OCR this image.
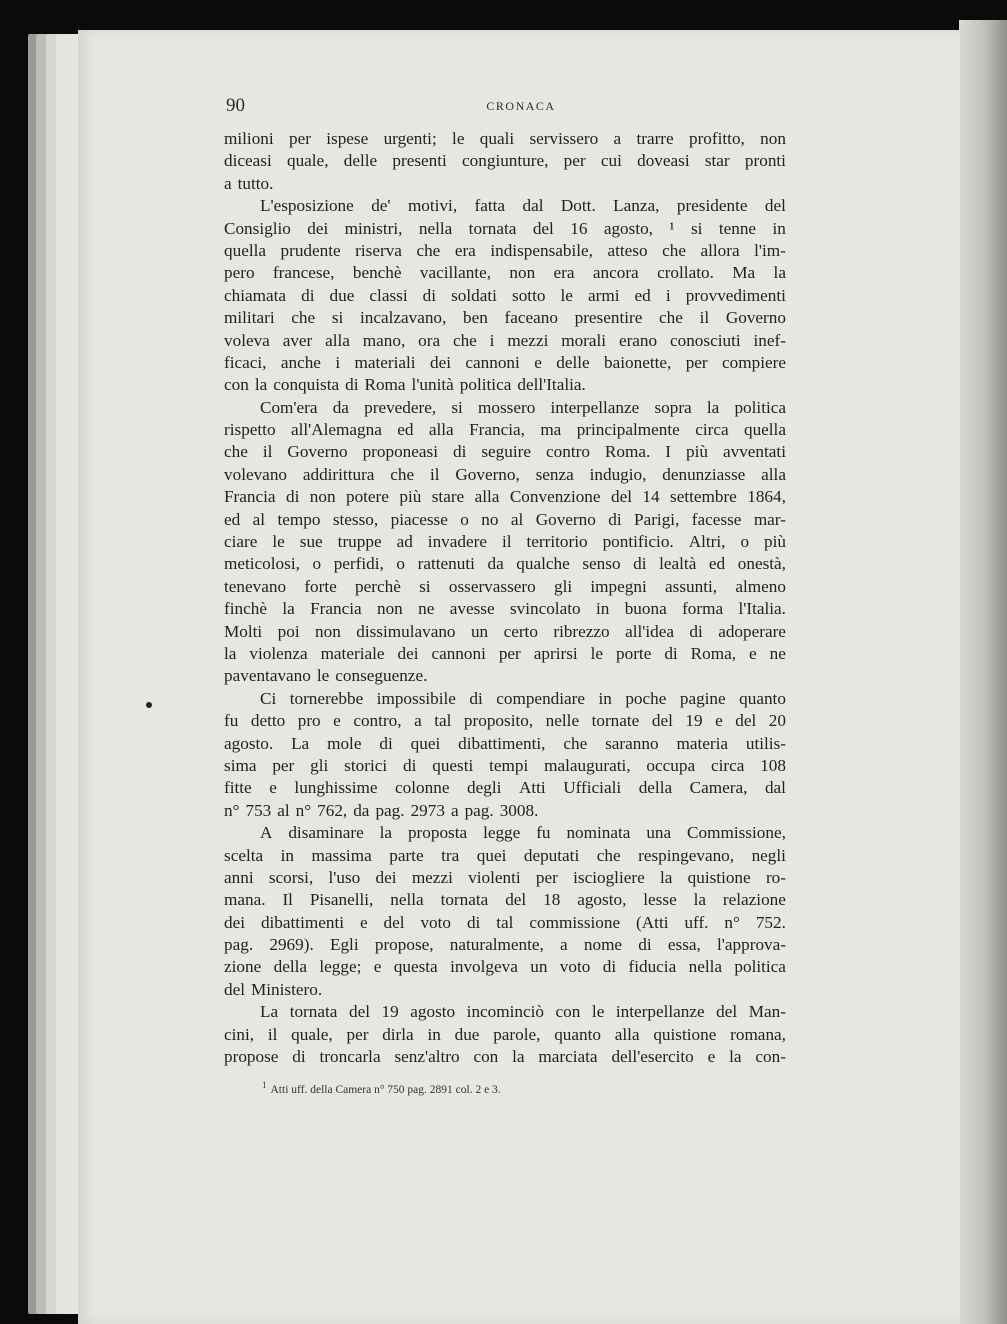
90	CRONACA
milioni per ispese urgenti; le quali servissero a trarre profitto, non
diceasi quale, delle presenti congiunture, per cui doveasi star pronti
a tutto.
L'esposizione de' motivi, fatta dal Dott. Lanza, presidente del
Consiglio dei ministri, nella tornata del 16 agosto, ¹ si tenne in
quella prudente riserva che era indispensabile, atteso che allora l'im-
pero francese, benchè vacillante, non era ancora crollato. Ma la
chiamata di due classi di soldati sotto le armi ed i provvedimenti
militari che si incalzavano, ben faceano presentire che il Governo
voleva aver alla mano, ora che i mezzi morali erano conosciuti inef-
ficaci, anche i materiali dei cannoni e delle baionette, per compiere
con la conquista di Roma l'unità politica dell'Italia.
Com'era da prevedere, si mossero interpellanze sopra la politica
rispetto all'Alemagna ed alla Francia, ma principalmente circa quella
che il Governo proponeasi di seguire contro Roma. I più avventati
volevano addirittura che il Governo, senza indugio, denunziasse alla
Francia di non potere più stare alla Convenzione del 14 settembre 1864,
ed al tempo stesso, piacesse o no al Governo di Parigi, facesse mar-
ciare le sue truppe ad invadere il territorio pontificio. Altri, o più
meticolosi, o perfidi, o rattenuti da qualche senso di lealtà ed onestà,
tenevano forte perchè si osservassero gli impegni assunti, almeno
finchè la Francia non ne avesse svincolato in buona forma l'Italia.
Molti poi non dissimulavano un certo ribrezzo all'idea di adoperare
la violenza materiale dei cannoni per aprirsi le porte di Roma, e ne
paventavano le conseguenze.
Ci tornerebbe impossibile di compendiare in poche pagine quanto
fu detto pro e contro, a tal proposito, nelle tornate del 19 e del 20
agosto. La mole di quei dibattimenti, che saranno materia utilis-
sima per gli storici di questi tempi malaugurati, occupa circa 108
fitte e lunghissime colonne degli Atti Ufficiali della Camera, dal
n° 753 al n° 762, da pag. 2973 a pag. 3008.
A disaminare la proposta legge fu nominata una Commissione,
scelta in massima parte tra quei deputati che respingevano, negli
anni scorsi, l'uso dei mezzi violenti per isciogliere la quistione ro-
mana. Il Pisanelli, nella tornata del 18 agosto, lesse la relazione
dei dibattimenti e del voto di tal commissione (Atti uff. n° 752.
pag. 2969). Egli propose, naturalmente, a nome di essa, l'approva-
zione della legge; e questa involgeva un voto di fiducia nella politica
del Ministero.
La tornata del 19 agosto incominciò con le interpellanze del Man-
cini, il quale, per dirla in due parole, quanto alla quistione romana,
propose di troncarla senz'altro con la marciata dell'esercito e la con-
$^1$ Atti uff. della Camera n° 750 pag. 2891 col. 2 e 3.
